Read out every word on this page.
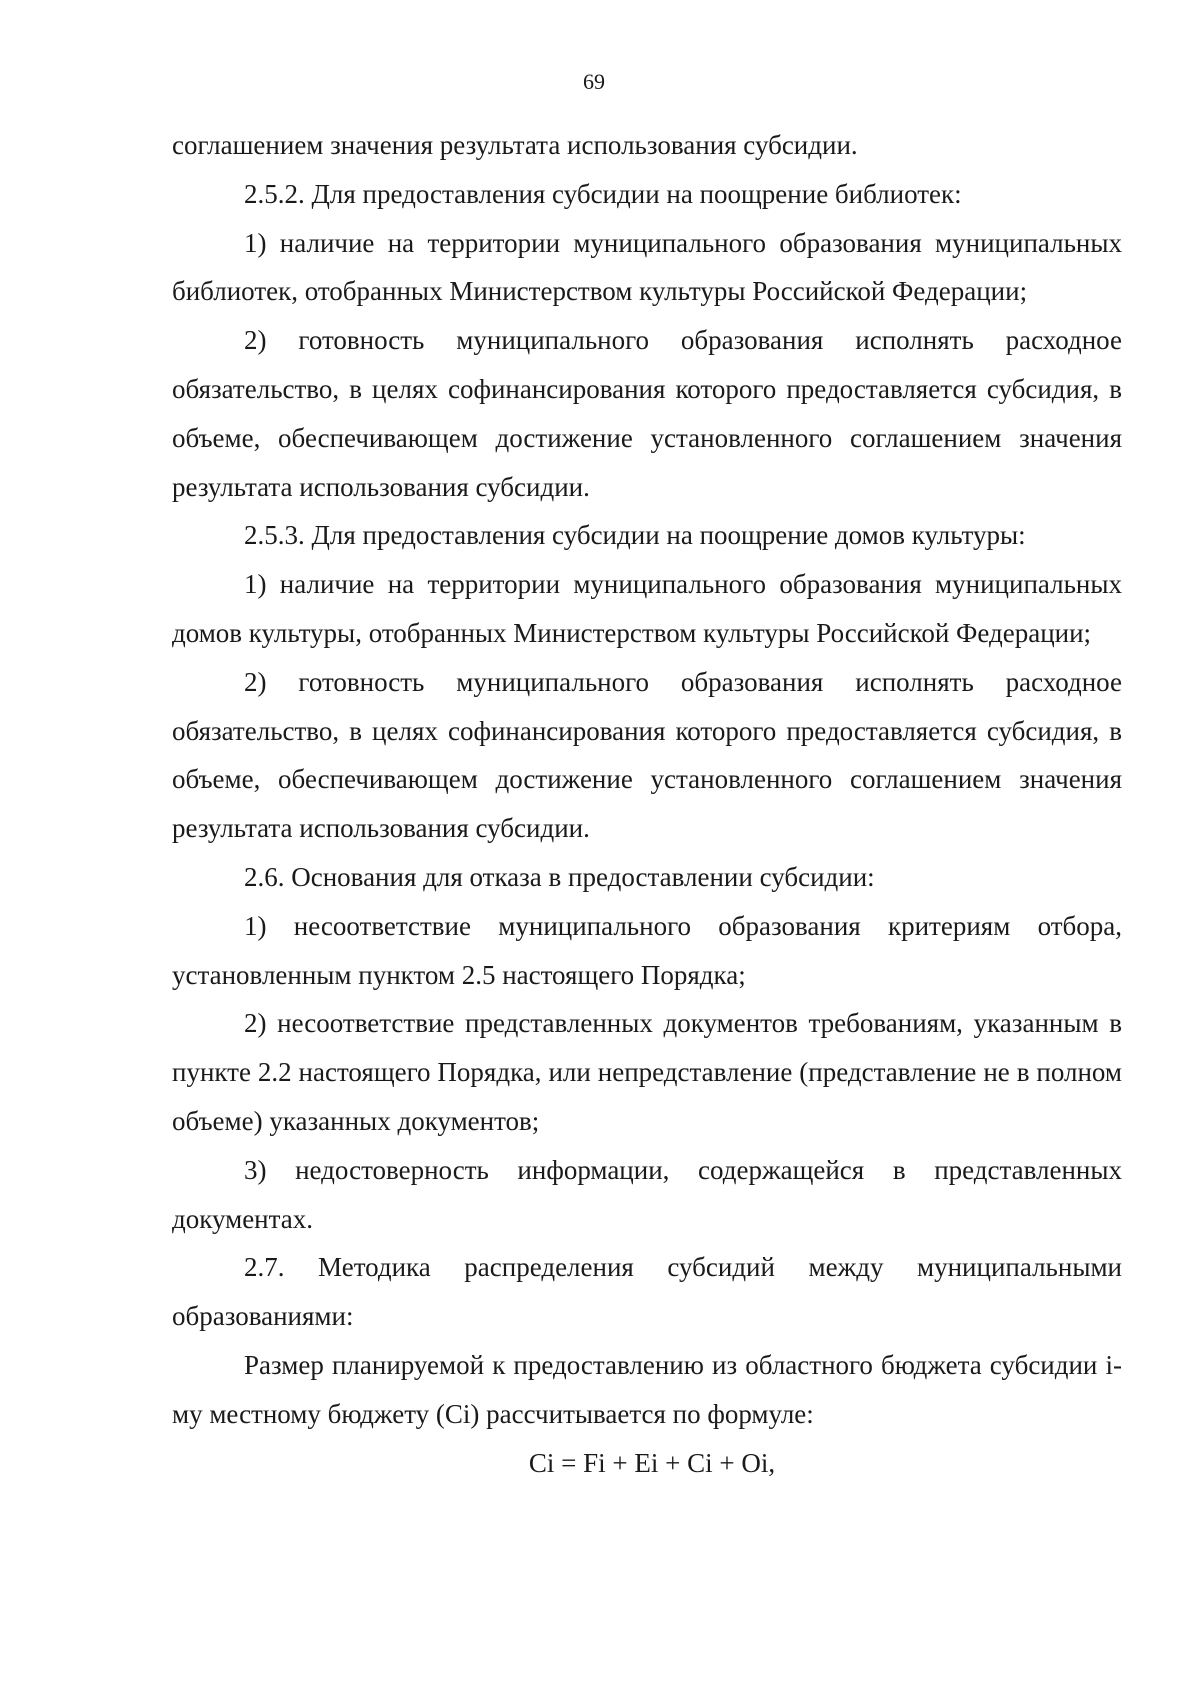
69

соглашением значения результата использования субсидии.

2.5.2. Для предоставления субсидии на поощрение библиотек:

1) наличие на территории муниципального образования муниципальных библиотек, отобранных Министерством культуры Российской Федерации;

2) готовность муниципального образования исполнять расходное обязательство, в целях софинансирования которого предоставляется субсидия, в объеме, обеспечивающем достижение установленного соглашением значения результата использования субсидии.

2.5.3. Для предоставления субсидии на поощрение домов культуры:

1) наличие на территории муниципального образования муниципальных домов культуры, отобранных Министерством культуры Российской Федерации;

2) готовность муниципального образования исполнять расходное обязательство, в целях софинансирования которого предоставляется субсидия, в объеме, обеспечивающем достижение установленного соглашением значения результата использования субсидии.

2.6. Основания для отказа в предоставлении субсидии:

1) несоответствие муниципального образования критериям отбора, установленным пунктом 2.5 настоящего Порядка;

2) несоответствие представленных документов требованиям, указанным в пункте 2.2 настоящего Порядка, или непредставление (представление не в полном объеме) указанных документов;

3) недостоверность информации, содержащейся в представленных документах.

2.7. Методика распределения субсидий между муниципальными образованиями:

Размер планируемой к предоставлению из областного бюджета субсидии i-му местному бюджету (Ci) рассчитывается по формуле:

Ci = Fi + Ei + Ci + Oi,
